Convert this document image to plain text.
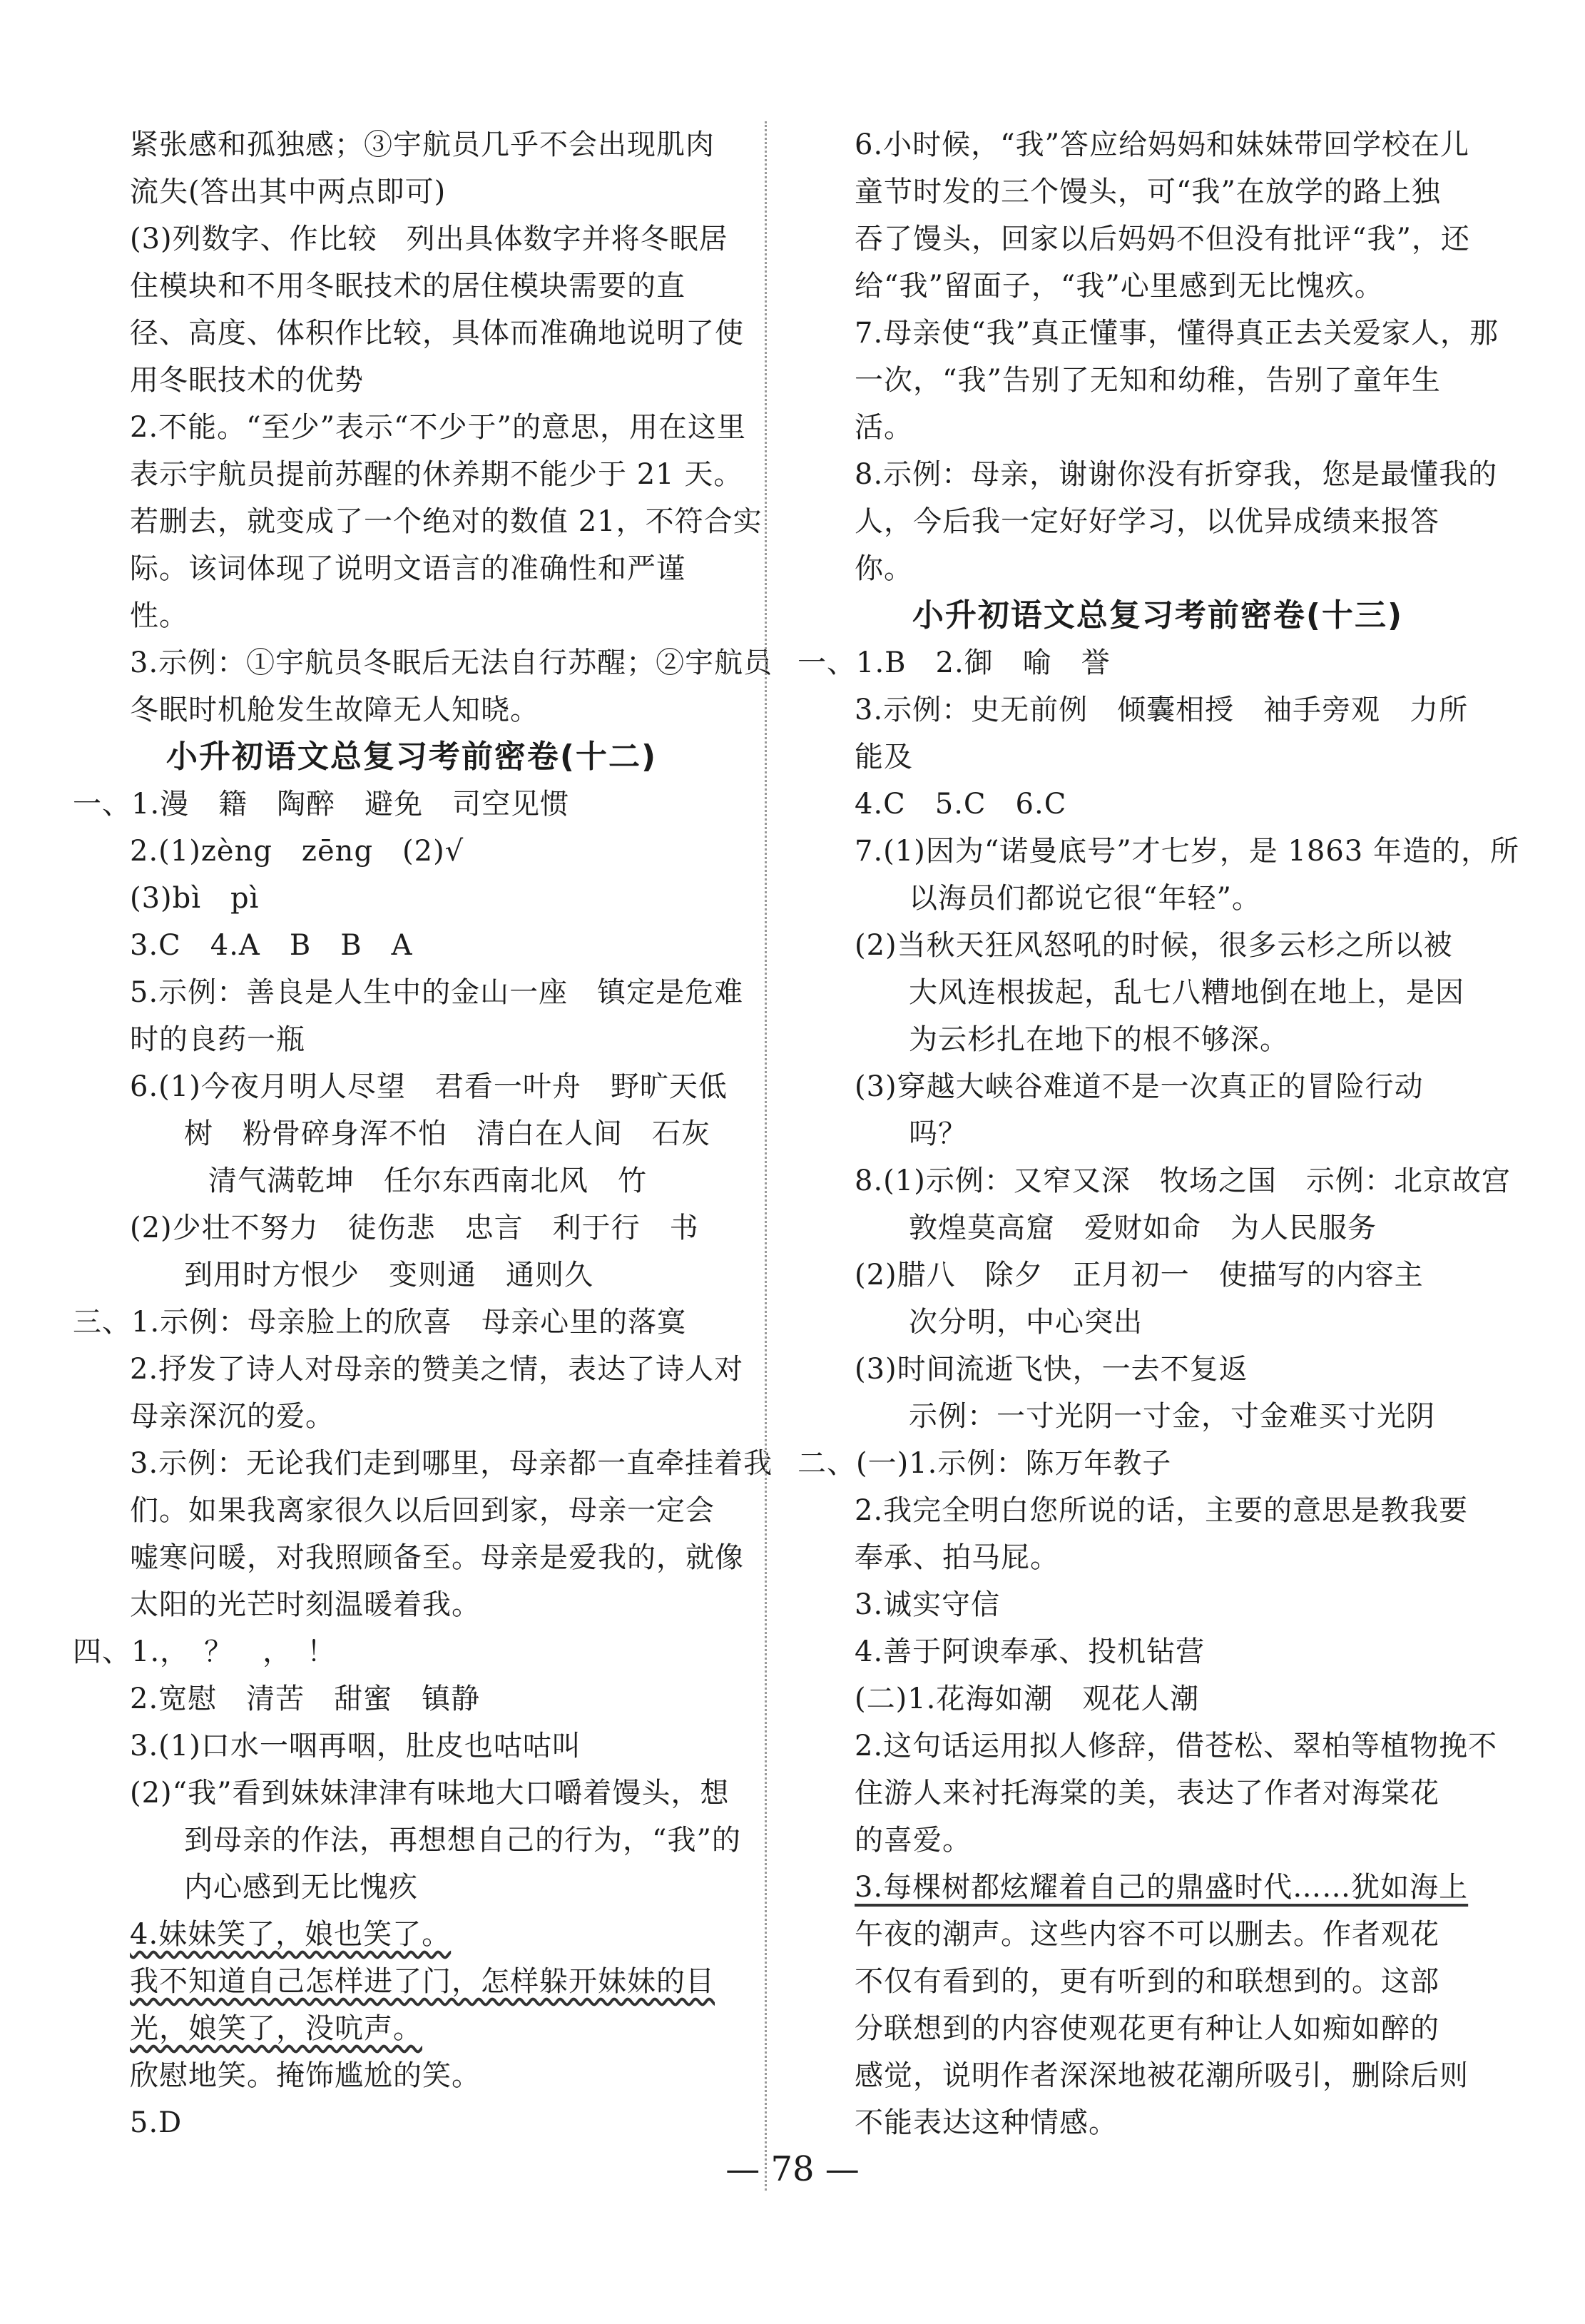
紧张感和孤独感；③宇航员几乎不会出现肌肉
流失(答出其中两点即可)
(3)列数字、作比较　列出具体数字并将冬眠居
住模块和不用冬眠技术的居住模块需要的直
径、高度、体积作比较，具体而准确地说明了使
用冬眠技术的优势
2.不能。“至少”表示“不少于”的意思，用在这里
表示宇航员提前苏醒的休养期不能少于 21 天。
若删去，就变成了一个绝对的数值 21，不符合实
际。该词体现了说明文语言的准确性和严谨
性。
3.示例：①宇航员冬眠后无法自行苏醒；②宇航员
冬眠时机舱发生故障无人知晓。
小升初语文总复习考前密卷(十二)
一、1.漫　籍　陶醉　避免　司空见惯
2.(1)zèng　zēng　(2)√
(3)bì　pì
3.C　4.A　B　B　A
5.示例：善良是人生中的金山一座　镇定是危难
时的良药一瓶
6.(1)今夜月明人尽望　君看一叶舟　野旷天低
树　粉骨碎身浑不怕　清白在人间　石灰
清气满乾坤　任尔东西南北风　竹
(2)少壮不努力　徒伤悲　忠言　利于行　书
到用时方恨少　变则通　通则久
三、1.示例：母亲脸上的欣喜　母亲心里的落寞
2.抒发了诗人对母亲的赞美之情，表达了诗人对
母亲深沉的爱。
3.示例：无论我们走到哪里，母亲都一直牵挂着我
们。如果我离家很久以后回到家，母亲一定会
嘘寒问暖，对我照顾备至。母亲是爱我的，就像
太阳的光芒时刻温暖着我。
四、1.，　？　，　！
2.宽慰　清苦　甜蜜　镇静
3.(1)口水一咽再咽，肚皮也咕咕叫
(2)“我”看到妹妹津津有味地大口嚼着馒头，想
到母亲的作法，再想想自己的行为，“我”的
内心感到无比愧疚
4.妹妹笑了，娘也笑了。
我不知道自己怎样进了门，怎样躲开妹妹的目
光，娘笑了，没吭声。
欣慰地笑。掩饰尴尬的笑。
5.D
6.小时候，“我”答应给妈妈和妹妹带回学校在儿
童节时发的三个馒头，可“我”在放学的路上独
吞了馒头，回家以后妈妈不但没有批评“我”，还
给“我”留面子，“我”心里感到无比愧疚。
7.母亲使“我”真正懂事，懂得真正去关爱家人，那
一次，“我”告别了无知和幼稚，告别了童年生
活。
8.示例：母亲，谢谢你没有折穿我，您是最懂我的
人，今后我一定好好学习，以优异成绩来报答
你。
小升初语文总复习考前密卷(十三)
一、1.B　2.御　喻　誉
3.示例：史无前例　倾囊相授　袖手旁观　力所
能及
4.C　5.C　6.C
7.(1)因为“诺曼底号”才七岁，是 1863 年造的，所
以海员们都说它很“年轻”。
(2)当秋天狂风怒吼的时候，很多云杉之所以被
大风连根拔起，乱七八糟地倒在地上，是因
为云杉扎在地下的根不够深。
(3)穿越大峡谷难道不是一次真正的冒险行动
吗？
8.(1)示例：又窄又深　牧场之国　示例：北京故宫
敦煌莫高窟　爱财如命　为人民服务
(2)腊八　除夕　正月初一　使描写的内容主
次分明，中心突出
(3)时间流逝飞快，一去不复返
示例：一寸光阴一寸金，寸金难买寸光阴
二、(一)1.示例：陈万年教子
2.我完全明白您所说的话，主要的意思是教我要
奉承、拍马屁。
3.诚实守信
4.善于阿谀奉承、投机钻营
(二)1.花海如潮　观花人潮
2.这句话运用拟人修辞，借苍松、翠柏等植物挽不
住游人来衬托海棠的美，表达了作者对海棠花
的喜爱。
3.每棵树都炫耀着自己的鼎盛时代……犹如海上
午夜的潮声。这些内容不可以删去。作者观花
不仅有看到的，更有听到的和联想到的。这部
分联想到的内容使观花更有种让人如痴如醉的
感觉，说明作者深深地被花潮所吸引，删除后则
不能表达这种情感。
— 78 —
